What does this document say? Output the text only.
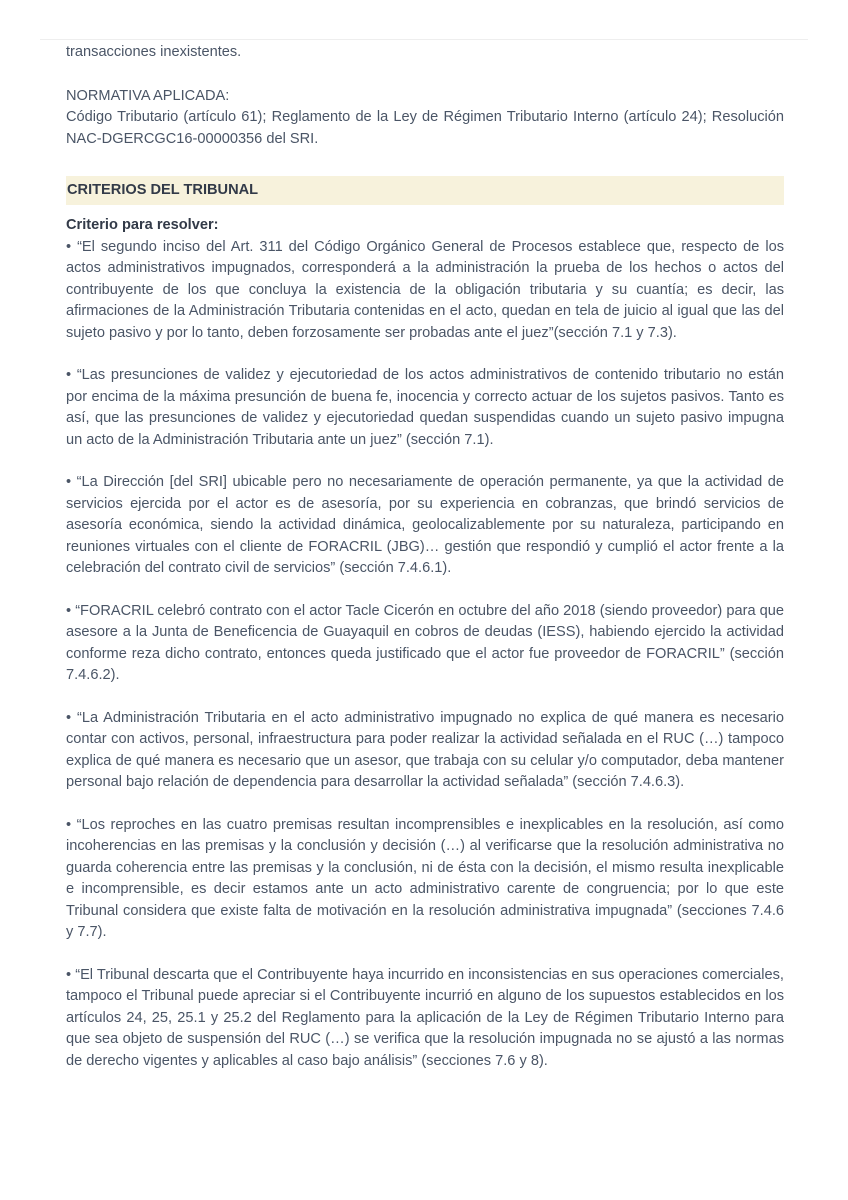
transacciones inexistentes.

NORMATIVA APLICADA:

Código Tributario (artículo 61); Reglamento de la Ley de Régimen Tributario Interno (artículo 24); Resolución NAC-DGERCGC16-00000356 del SRI.

CRITERIOS DEL TRIBUNAL

Criterio para resolver:

• “El segundo inciso del Art. 311 del Código Orgánico General de Procesos establece que, respecto de los actos administrativos impugnados, corresponderá a la administración la prueba de los hechos o actos del contribuyente de los que concluya la existencia de la obligación tributaria y su cuantía; es decir, las afirmaciones de la Administración Tributaria contenidas en el acto, quedan en tela de juicio al igual que las del sujeto pasivo y por lo tanto, deben forzosamente ser probadas ante el juez”(sección 7.1 y 7.3).

• “Las presunciones de validez y ejecutoriedad de los actos administrativos de contenido tributario no están por encima de la máxima presunción de buena fe, inocencia y correcto actuar de los sujetos pasivos. Tanto es así, que las presunciones de validez y ejecutoriedad quedan suspendidas cuando un sujeto pasivo impugna un acto de la Administración Tributaria ante un juez” (sección 7.1).

• “La Dirección [del SRI] ubicable pero no necesariamente de operación permanente, ya que la actividad de servicios ejercida por el actor es de asesoría, por su experiencia en cobranzas, que brindó servicios de asesoría económica, siendo la actividad dinámica, geolocalizablemente por su naturaleza, participando en reuniones virtuales con el cliente de FORACRIL (JBG)… gestión que respondió y cumplió el actor frente a la celebración del contrato civil de servicios” (sección 7.4.6.1).

• “FORACRIL celebró contrato con el actor Tacle Cicerón en octubre del año 2018 (siendo proveedor) para que asesore a la Junta de Beneficencia de Guayaquil en cobros de deudas (IESS), habiendo ejercido la actividad conforme reza dicho contrato, entonces queda justificado que el actor fue proveedor de FORACRIL” (sección 7.4.6.2).

• “La Administración Tributaria en el acto administrativo impugnado no explica de qué manera es necesario contar con activos, personal, infraestructura para poder realizar la actividad señalada en el RUC (…) tampoco explica de qué manera es necesario que un asesor, que trabaja con su celular y/o computador, deba mantener personal bajo relación de dependencia para desarrollar la actividad señalada” (sección 7.4.6.3).

• “Los reproches en las cuatro premisas resultan incomprensibles e inexplicables en la resolución, así como incoherencias en las premisas y la conclusión y decisión (…) al verificarse que la resolución administrativa no guarda coherencia entre las premisas y la conclusión, ni de ésta con la decisión, el mismo resulta inexplicable e incomprensible, es decir estamos ante un acto administrativo carente de congruencia; por lo que este Tribunal considera que existe falta de motivación en la resolución administrativa impugnada” (secciones 7.4.6 y 7.7).

• “El Tribunal descarta que el Contribuyente haya incurrido en inconsistencias en sus operaciones comerciales, tampoco el Tribunal puede apreciar si el Contribuyente incurrió en alguno de los supuestos establecidos en los artículos 24, 25, 25.1 y 25.2 del Reglamento para la aplicación de la Ley de Régimen Tributario Interno para que sea objeto de suspensión del RUC (…) se verifica que la resolución impugnada no se ajustó a las normas de derecho vigentes y aplicables al caso bajo análisis” (secciones 7.6 y 8).
